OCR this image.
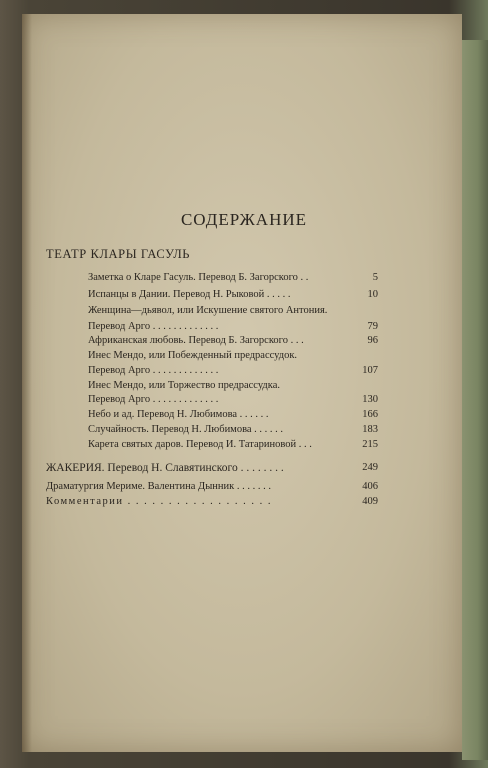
СОДЕРЖАНИЕ
ТЕАТР КЛАРЫ ГАСУЛЬ
Заметка о Кларе Гасуль. Перевод Б. Загорского . .	5
Испанцы в Дании. Перевод Н. Рыковой . . . . .	10
Женщина—дьявол, или Искушение святого Антония.
Перевод Арго . . . . . . . . . . . . .	79
Африканская любовь. Перевод Б. Загорского . . .	96
Инес Мендо, или Побежденный предрассудок.
Перевод Арго . . . . . . . . . . . . .	107
Инес Мендо, или Торжество предрассудка.
Перевод Арго . . . . . . . . . . . . .	130
Небо и ад. Перевод Н. Любимова . . . . . .	166
Случайность. Перевод Н. Любимова . . . . . .	183
Карета святых даров. Перевод И. Татариновой . . .	215
ЖАКЕРИЯ. Перевод Н. Славятинского . . . . . . . .	249
Драматургия Мериме. Валентина Дынник . . . . . . .	406
Комментарии . . . . . . . . . . . . . . . . . .	409
